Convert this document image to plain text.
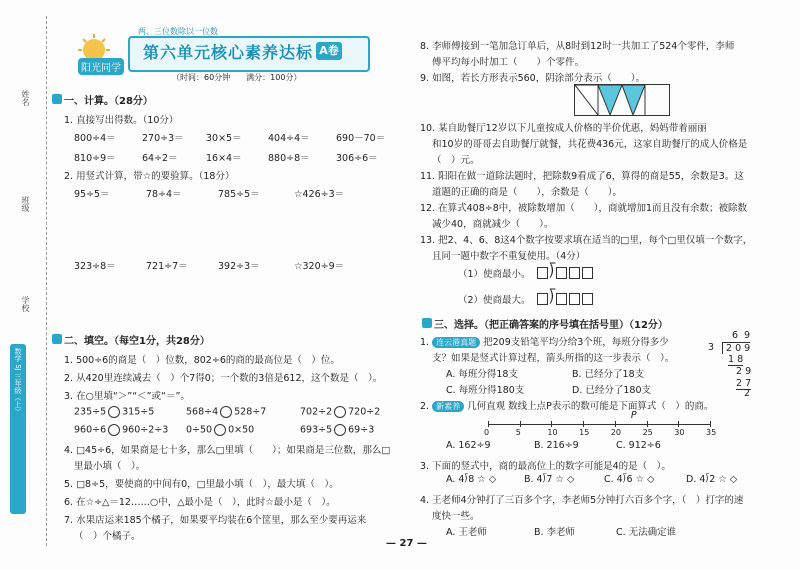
姓名
班级
学校
数学 SJ 三年级（上）
两、三位数除以一位数
阳光同学
第六单元核心素养达标 A卷
（时间：60分钟　　满分：100分）
一、计算。（28分）
1. 直接写出得数。（10分）
800÷4＝	270÷3＝ 30×5＝	404÷4＝	690－70＝
810÷9＝	64÷2＝	16×4＝	880÷8＝	306÷6＝
2. 用竖式计算，带☆的要验算。（18分）
95÷5＝	78÷4＝	785÷5＝	☆426÷3＝
323÷8＝	721÷7＝	392÷3＝	☆320÷9＝
二、填空。（每空1分，共28分）
1. 500÷6的商是（　）位数，802÷6的商的最高位是（　）位。
2. 从420里连续减去（　）个7得0；一个数的3倍是612，这个数是（　）。
3. 在○里填“＞”“＜”或“＝”。
235÷5 315÷5	568÷4 528÷7	702÷2 720÷2
960÷6 960÷2÷3 0÷50 0×50	693÷5 69÷3
4. □45÷6，如果商是七十多，那么□里填（　　）；如果商是三位数，那么□
里最小填（　）。
5. □8÷5，要使商的中间有0，□里最小填（　），最大填（　）。
6. 在☆÷△＝12……○中，△最小是（　），此时☆最小是（　）。
7. 水果店运来185个橘子，如果要平均装在6个筐里，那么至少要再运来
（　）个橘子。
8. 李师傅接到一笔加急订单后，从8时到12时一共加工了524个零件，李师
傅平均每小时加工（　　）个零件。
9. 如图，若长方形表示560，阴涂部分表示（　　）。
10. 某自助餐厅12岁以下儿童按成人价格的半价优惠，妈妈带着丽丽
和10岁的哥哥去自助餐厅就餐，共花费436元，这家自助餐厅的成人价格是
（　）元。
11. 阳阳在做一道除法题时，把除数9看成了6，算得的商是55，余数是3。这
道题的正确的商是（　　），余数是（　　）。
12. 在算式408÷8中，被除数增加（　　），商就增加1而且没有余数；被除数
减少40，商就减少（　　）。
13. 把2、4、6、8这4个数字按要求填在适当的□里，每个□里仅填一个数字，
且同一题中数字不重复使用。（4分）
（1）使商最小。	⟌
（2）使商最大。	⟌
三、选择。（把正确答案的序号填在括号里）（12分）
1. 连云港真题 把209支铅笔平均分给3个班，每班分得多少
支？如果是竖式计算过程，箭头所指的这一步表示（　）。
A. 每班分得18支	B. 已经分了18支
C. 每班分得180支	D. 已经分了180支
6 9
3	2 0 9
1 8
2 9
2 7
2
2. 新素养 几何直观 数线上点P表示的数可能是下面算式（　）的商。
0	5	10	15	20	25	30	35
P
A. 162÷9	B. 216÷9	C. 912÷6
3. 下面的竖式中，商的最高位上的数字可能是4的是（　）。
A. 4⟌8 ☆ ◇	B. 4⟌7 ☆ ◇	C. 4⟌6 ☆ ◇	D. 4⟌2 ☆ ◇
4. 王老师4分钟打了三百多个字，李老师5分钟打六百多个字，（　）打字的速
度快一些。
A. 王老师	B. 李老师	C. 无法确定谁
— 27 —
